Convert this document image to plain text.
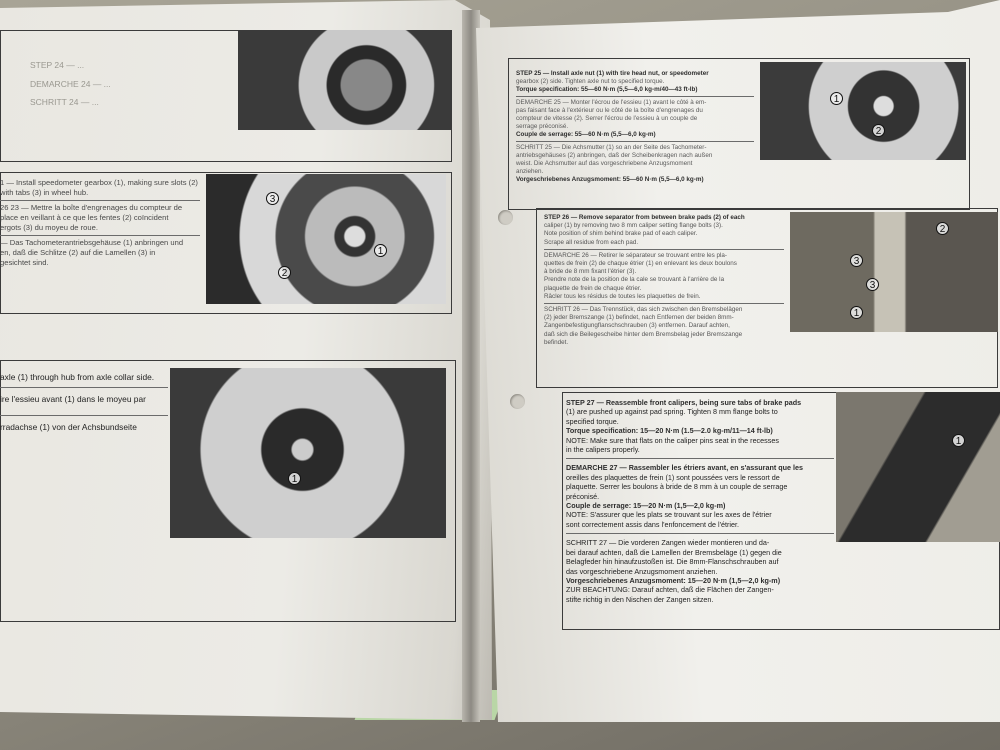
STEP 24 — ...
DEMARCHE 24 — ...
SCHRITT 24 — ...
3
2
1
1 — Install speedometer gearbox (1), making sure slots (2)
with tabs (3) in wheel hub.
26 23 — Mettre la boîte d'engrenages du compteur de
place en veillant à ce que les fentes (2) coïncident
ergots (3) du moyeu de roue.
— Das Tachometerantriebsgehäuse (1) anbringen und
en, daß die Schlitze (2) auf die Lamellen (3) in
gesichtet sind.
1
axle (1) through hub from axle collar side.
ire l'essieu avant (1) dans le moyeu par
rradachse (1) von der Achsbundseite
1
2
STEP 25 — Install axle nut (1) with tire head nut, or speedometer
gearbox (2) side. Tighten axle nut to specified torque.
Torque specification: 55—60 N·m (5,5—6,0 kg-m/40—43 ft-lb)
DEMARCHE 25 — Monter l'écrou de l'essieu (1) avant le côté à em-
pas faisant face à l'extérieur ou le côté de la boîte d'engrenages du
compteur de vitesse (2). Serrer l'écrou de l'essieu à un couple de
serrage préconisé.
Couple de serrage: 55—60 N·m (5,5—6,0 kg-m)
SCHRITT 25 — Die Achsmutter (1) so an der Seite des Tachometer-
antriebsgehäuses (2) anbringen, daß der Scheibenkragen nach außen
weist. Die Achsmutter auf das vorgeschriebene Anzugsmoment
anziehen.
Vorgeschriebenes Anzugsmoment: 55—60 N·m (5,5—6,0 kg-m)
2
3
3
1
STEP 26 — Remove separator from between brake pads (2) of each
caliper (1) by removing two 8 mm caliper setting flange bolts (3).
Note position of shim behind brake pad of each caliper.
Scrape all residue from each pad.
DEMARCHE 26 — Retirer le séparateur se trouvant entre les pla-
quettes de frein (2) de chaque étrier (1) en enlevant les deux boulons
à bride de 8 mm fixant l'étrier (3).
Prendre note de la position de la cale se trouvant à l'arrière de la
plaquette de frein de chaque étrier.
Râcler tous les résidus de toutes les plaquettes de frein.
SCHRITT 26 — Das Trennstück, das sich zwischen den Bremsbelägen
(2) jeder Bremszange (1) befindet, nach Entfernen der beiden 8mm-
Zangenbefestigungflanschschrauben (3) entfernen. Darauf achten,
daß sich die Beilegescheibe hinter dem Bremsbelag jeder Bremszange
befindet.
1
STEP 27 — Reassemble front calipers, being sure tabs of brake pads
(1) are pushed up against pad spring. Tighten 8 mm flange bolts to
specified torque.
Torque specification: 15—20 N·m (1.5—2.0 kg-m/11—14 ft-lb)
NOTE: Make sure that flats on the caliper pins seat in the recesses
in the calipers properly.
DEMARCHE 27 — Rassembler les étriers avant, en s'assurant que les
oreilles des plaquettes de frein (1) sont poussées vers le ressort de
plaquette. Serrer les boulons à bride de 8 mm à un couple de serrage
préconisé.
Couple de serrage: 15—20 N·m (1,5—2,0 kg-m)
NOTE: S'assurer que les plats se trouvant sur les axes de l'étrier
sont correctement assis dans l'enfoncement de l'étrier.
SCHRITT 27 — Die vorderen Zangen wieder montieren und da-
bei darauf achten, daß die Lamellen der Bremsbeläge (1) gegen die
Belagfeder hin hinaufzustoßen ist. Die 8mm-Flanschschrauben auf
das vorgeschriebene Anzugsmoment anziehen.
Vorgeschriebenes Anzugsmoment: 15—20 N·m (1,5—2,0 kg-m)
ZUR BEACHTUNG: Darauf achten, daß die Flächen der Zangen-
stifte richtig in den Nischen der Zangen sitzen.
